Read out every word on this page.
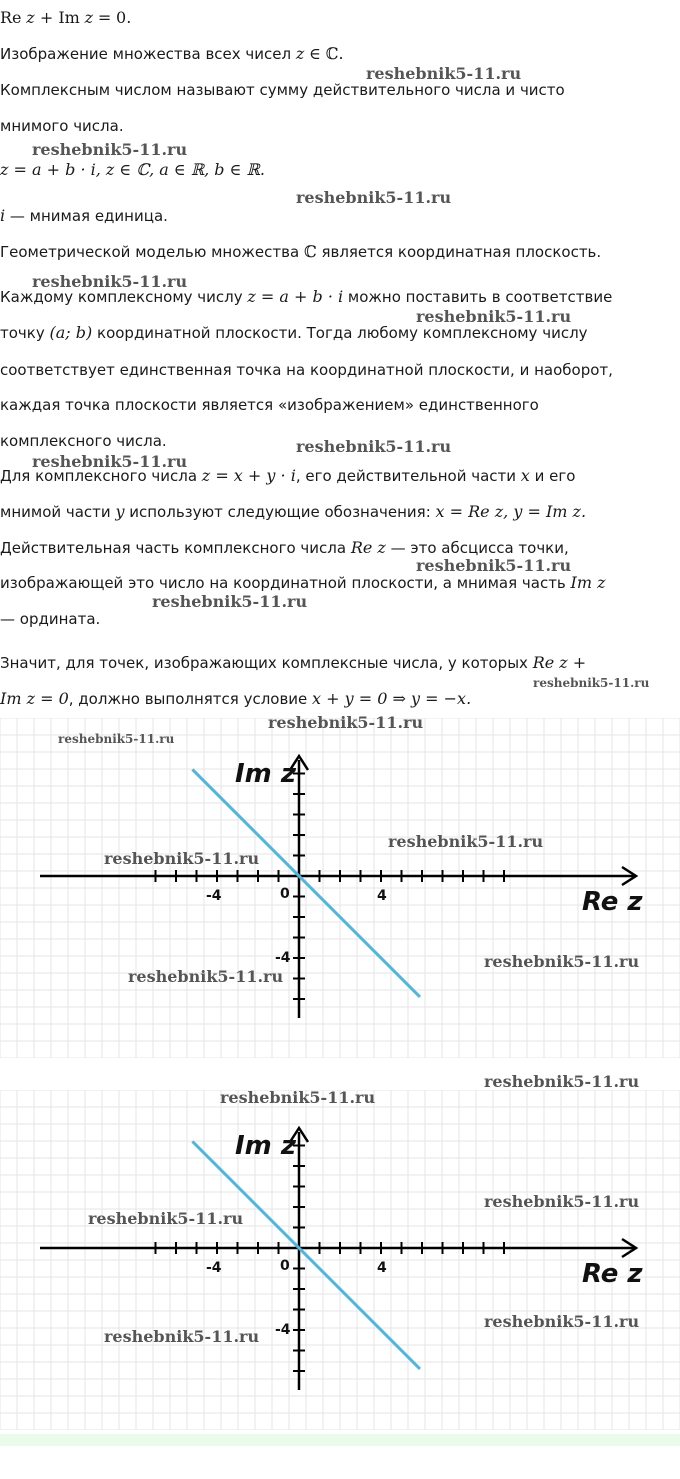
Re z + Im z = 0.
Изображение множества всех чисел z ∈ ℂ.
Комплексным числом называют сумму действительного числа и чисто
мнимого числа.
z = a + b · i, z ∈ ℂ, a ∈ ℝ, b ∈ ℝ.
i — мнимая единица.
Геометрической моделью множества ℂ является координатная плоскость.
Каждому комплексному числу z = a + b · i можно поставить в соответствие
точку (a; b) координатной плоскости. Тогда любому комплексному числу
соответствует единственная точка на координатной плоскости, и наоборот,
каждая точка плоскости является «изображением» единственного
комплексного числа.
Для комплексного числа z = x + y · i, его действительной части x и его
мнимой части y используют следующие обозначения: x = Re z, y = Im z.
Действительная часть комплексного числа Re z — это абсцисса точки,
изображающей это число на координатной плоскости, а мнимая часть Im z
— ордината.
Значит, для точек, изображающих комплексные числа, у которых Re z +
Im z = 0, должно выполнятся условие x + y = 0 ⇒ y = −x.
reshebnik5-11.ru
reshebnik5-11.ru
reshebnik5-11.ru
reshebnik5-11.ru
reshebnik5-11.ru
reshebnik5-11.ru
reshebnik5-11.ru
reshebnik5-11.ru
reshebnik5-11.ru
reshebnik5-11.ru
-4	0	4
-4
Im z
Re z
-4	0	4
-4
Im z
Re z
reshebnik5-11.ru
reshebnik5-11.ru
reshebnik5-11.ru
reshebnik5-11.ru
reshebnik5-11.ru
reshebnik5-11.ru
reshebnik5-11.ru
reshebnik5-11.ru
reshebnik5-11.ru
reshebnik5-11.ru
reshebnik5-11.ru
reshebnik5-11.ru
